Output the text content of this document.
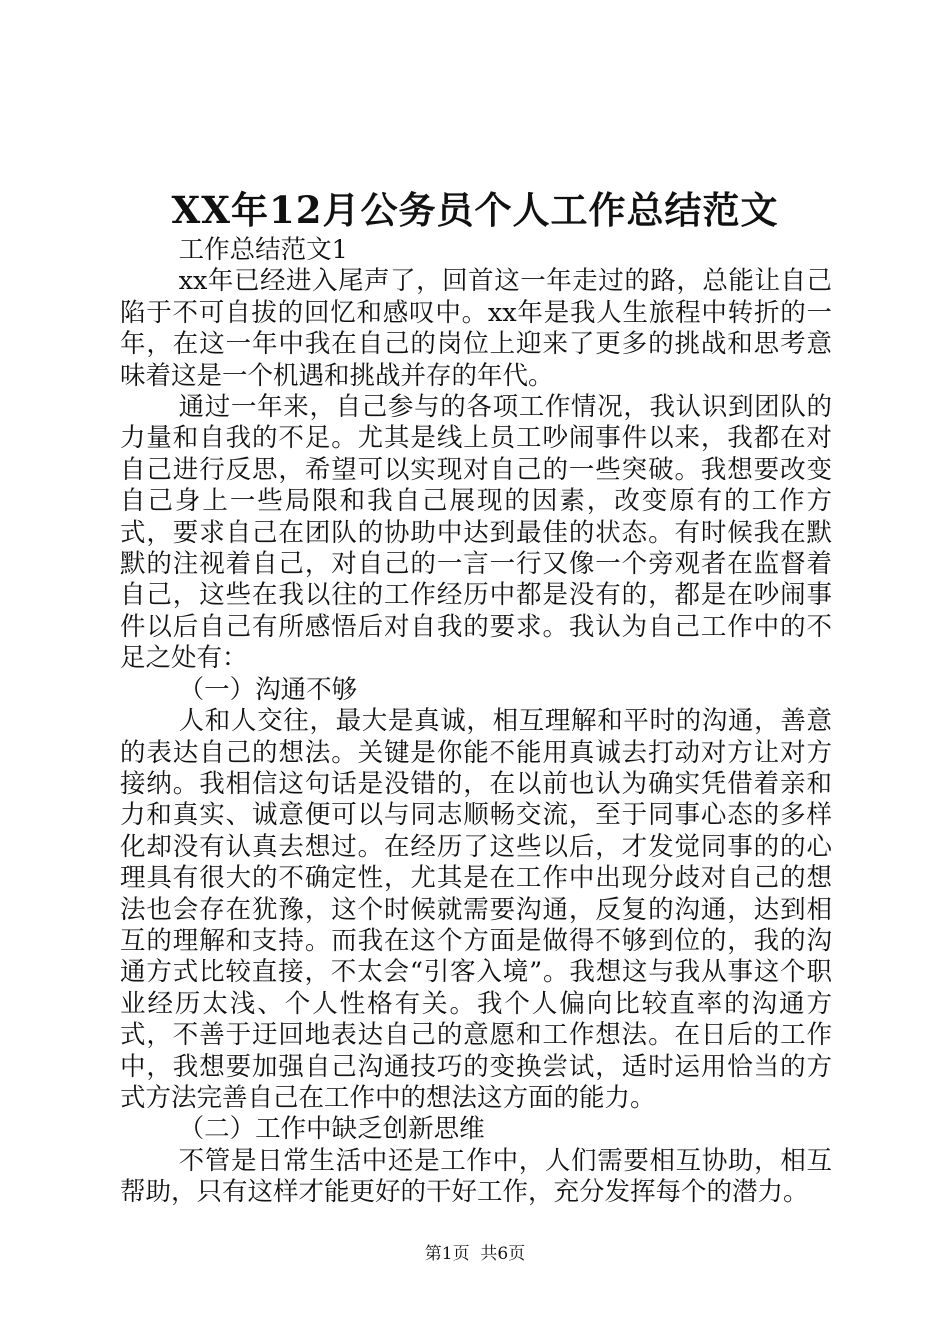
XX年12月公务员个人工作总结范文

工作总结范文1

xx年已经进入尾声了，回首这一年走过的路，总能让自己陷于不可自拔的回忆和感叹中。xx年是我人生旅程中转折的一年，在这一年中我在自己的岗位上迎来了更多的挑战和思考意味着这是一个机遇和挑战并存的年代。

通过一年来，自己参与的各项工作情况，我认识到团队的力量和自我的不足。尤其是线上员工吵闹事件以来，我都在对自己进行反思，希望可以实现对自己的一些突破。我想要改变自己身上一些局限和我自己展现的因素，改变原有的工作方式，要求自己在团队的协助中达到最佳的状态。有时候我在默默的注视着自己，对自己的一言一行又像一个旁观者在监督着自己，这些在我以往的工作经历中都是没有的，都是在吵闹事件以后自己有所感悟后对自我的要求。我认为自己工作中的不足之处有：

（一）沟通不够

人和人交往，最大是真诚，相互理解和平时的沟通，善意的表达自己的想法。关键是你能不能用真诚去打动对方让对方接纳。我相信这句话是没错的，在以前也认为确实凭借着亲和力和真实、诚意便可以与同志顺畅交流，至于同事心态的多样化却没有认真去想过。在经历了这些以后，才发觉同事的的心理具有很大的不确定性，尤其是在工作中出现分歧对自己的想法也会存在犹豫，这个时候就需要沟通，反复的沟通，达到相互的理解和支持。而我在这个方面是做得不够到位的，我的沟通方式比较直接，不太会“引客入境”。我想这与我从事这个职业经历太浅、个人性格有关。我个人偏向比较直率的沟通方式，不善于迂回地表达自己的意愿和工作想法。在日后的工作中，我想要加强自己沟通技巧的变换尝试，适时运用恰当的方式方法完善自己在工作中的想法这方面的能力。

（二）工作中缺乏创新思维

不管是日常生活中还是工作中，人们需要相互协助，相互帮助，只有这样才能更好的干好工作，充分发挥每个的潜力。

第1页  共6页
